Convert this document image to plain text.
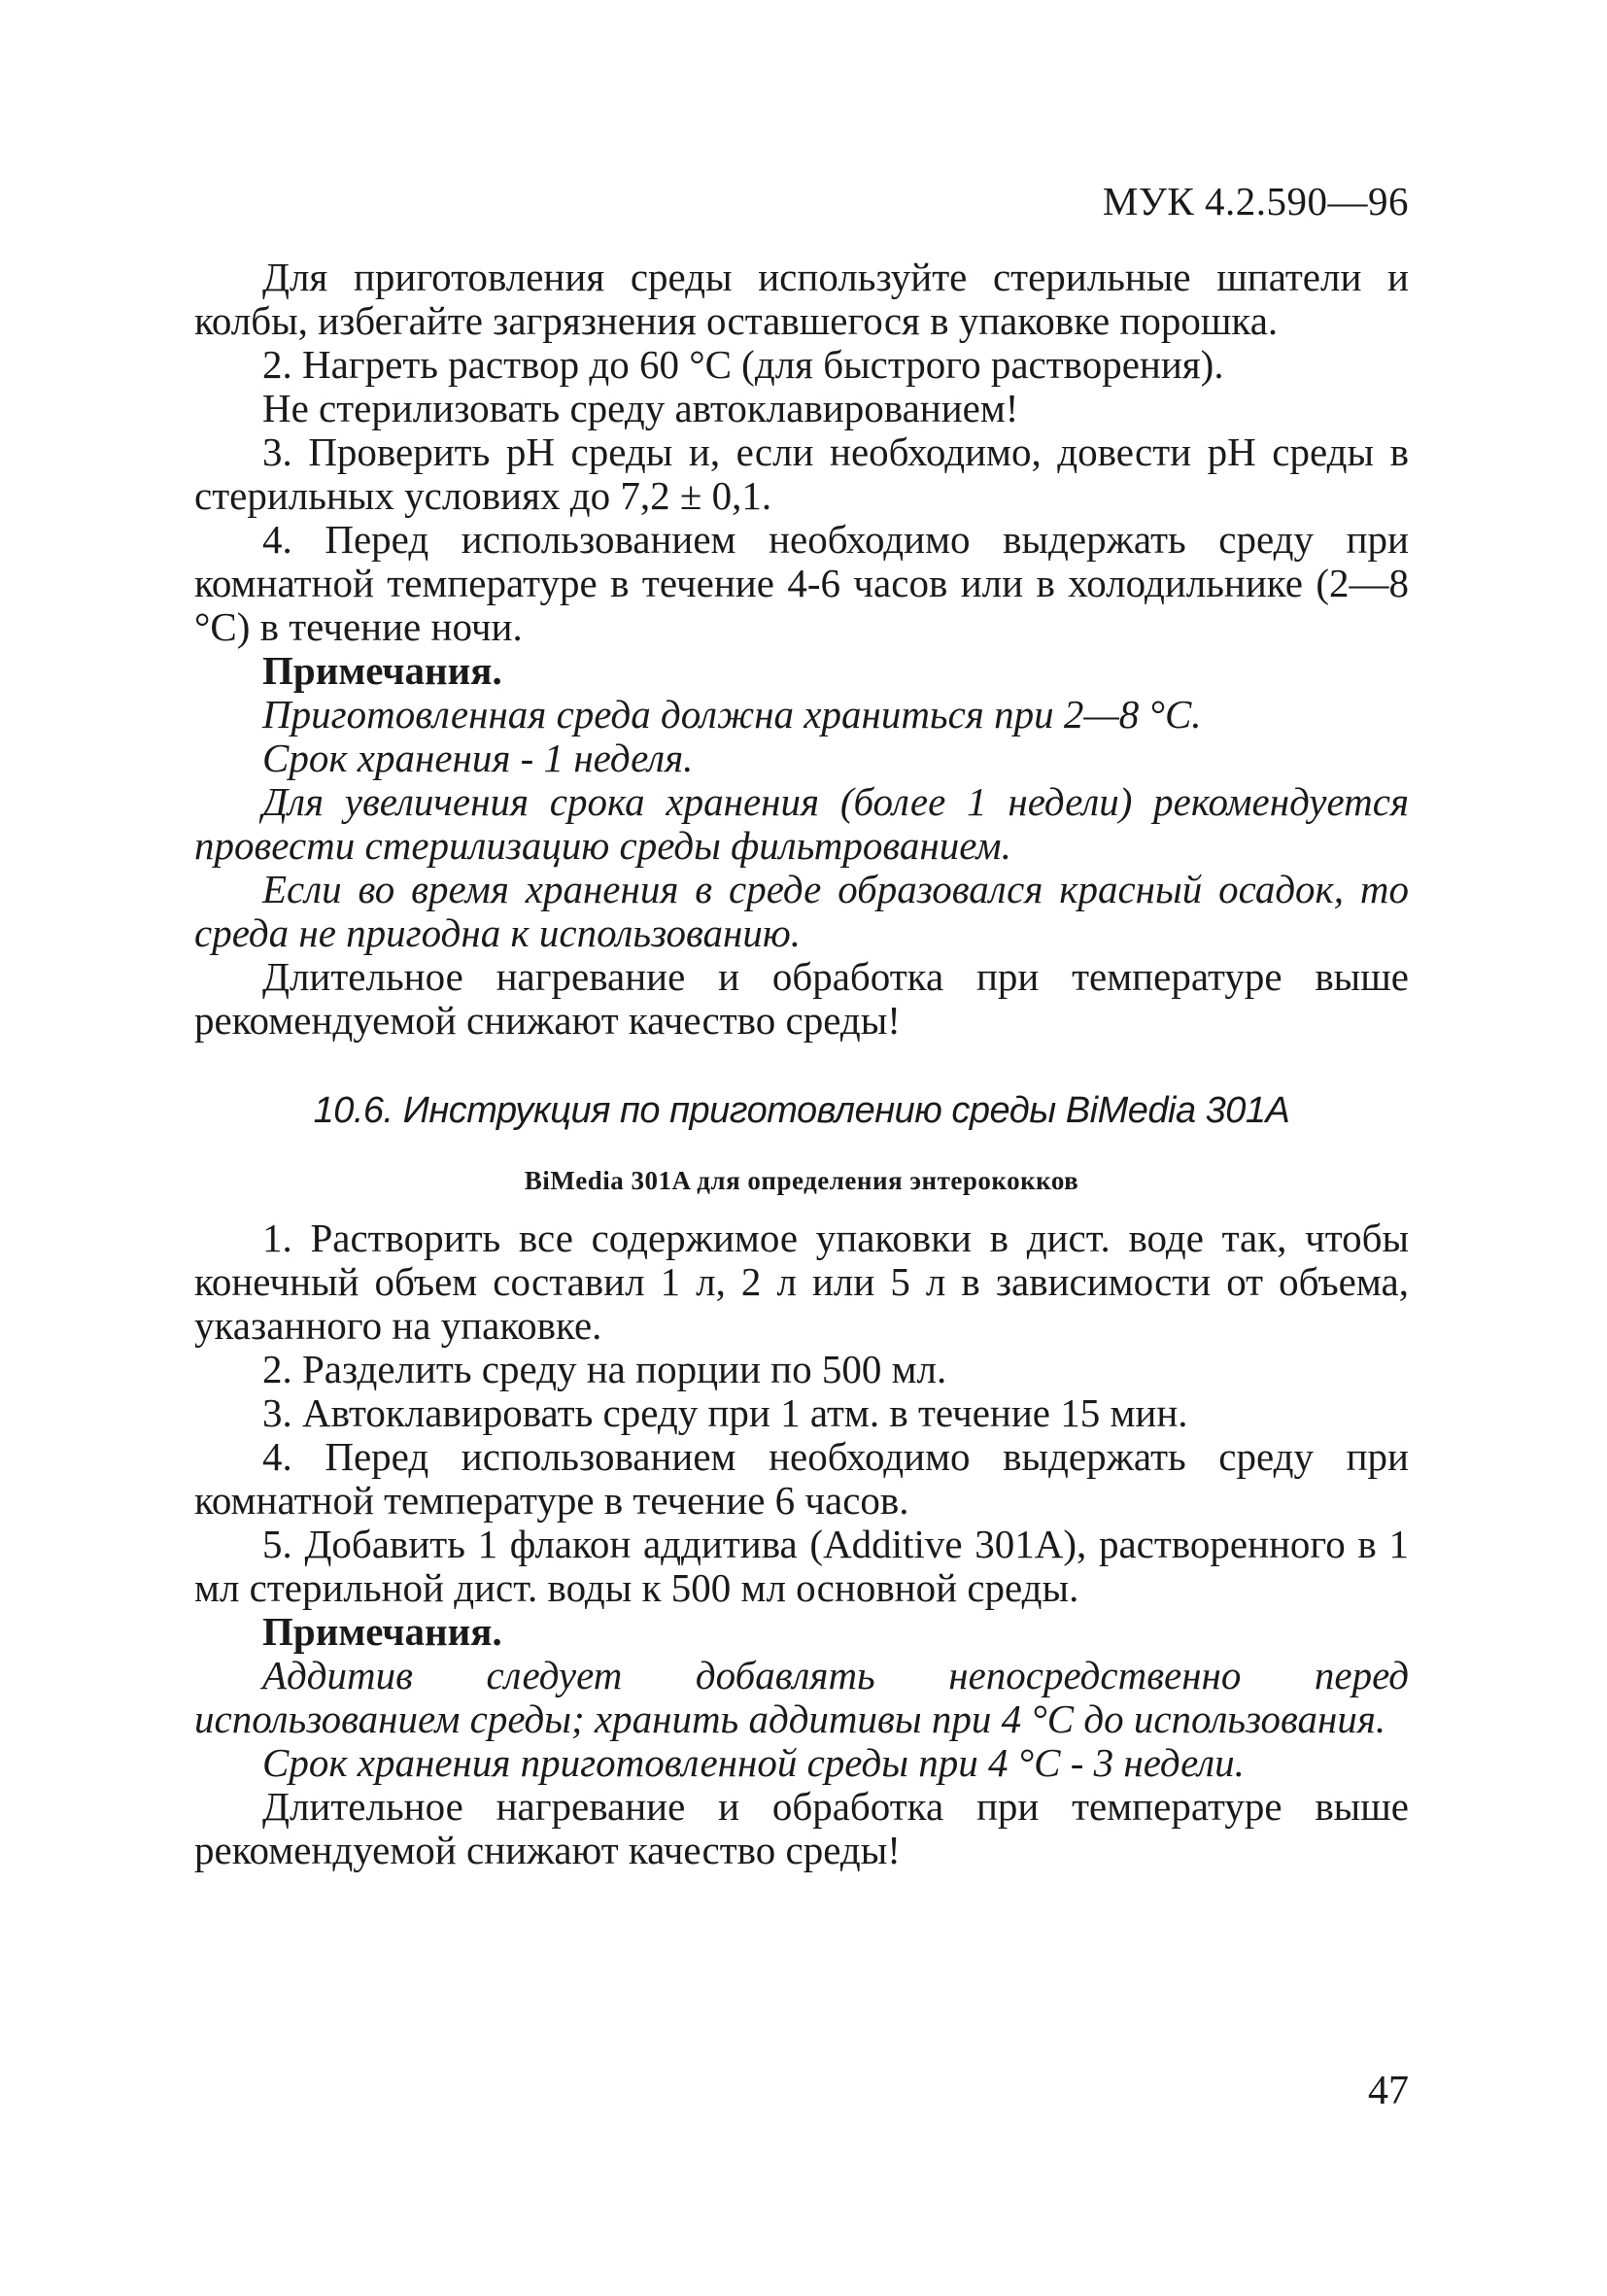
МУК 4.2.590—96

Для приготовления среды используйте стерильные шпатели и колбы, избегайте загрязнения оставшегося в упаковке порошка.

2. Нагреть раствор до 60 °С (для быстрого растворения).

Не стерилизовать среду автоклавированием!

3. Проверить pH среды и, если необходимо, довести pH среды в стерильных условиях до 7,2 ± 0,1.

4. Перед использованием необходимо выдержать среду при комнатной температуре в течение 4-6 часов или в холодильнике (2—8 °С) в течение ночи.

Примечания.

Приготовленная среда должна храниться при 2—8 °С.

Срок хранения - 1 неделя.

Для увеличения срока хранения (более 1 недели) рекомендуется провести стерилизацию среды фильтрованием.

Если во время хранения в среде образовался красный осадок, то среда не пригодна к использованию.

Длительное нагревание и обработка при температуре выше рекомендуемой снижают качество среды!

10.6. Инструкция по приготовлению среды BiMedia 301A
BiMedia 301A для определения энтерококков

1. Растворить все содержимое упаковки в дист. воде так, чтобы конечный объем составил 1 л, 2 л или 5 л в зависимости от объема, указанного на упаковке.

2. Разделить среду на порции по 500 мл.

3. Автоклавировать среду при 1 атм. в течение 15 мин.

4. Перед использованием необходимо выдержать среду при комнатной температуре в течение 6 часов.

5. Добавить 1 флакон аддитива (Additive 301A), растворенного в 1 мл стерильной дист. воды к 500 мл основной среды.

Примечания.

Аддитив следует добавлять непосредственно перед использованием среды; хранить аддитивы при 4 °С до использования.

Срок хранения приготовленной среды при 4 °С - 3 недели.

Длительное нагревание и обработка при температуре выше рекомендуемой снижают качество среды!

47
